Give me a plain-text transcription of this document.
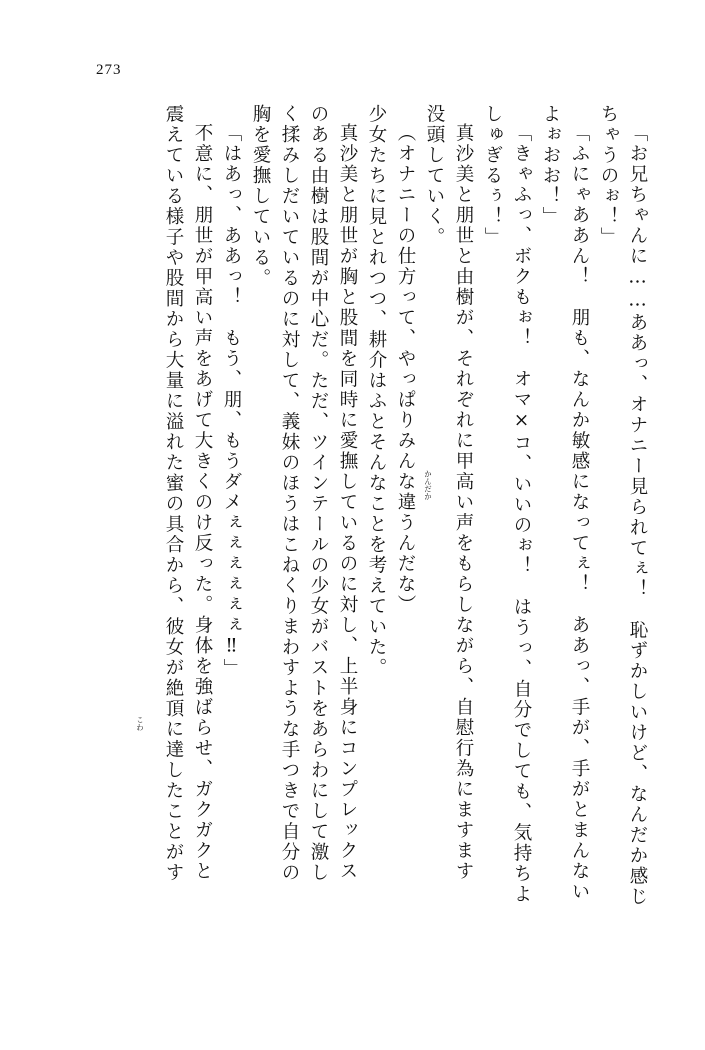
273
「お兄ちゃんに……ああっ、オナニー見られてぇ！　恥ずかしいけど、なんだか感じ
ちゃうのぉ！」
「ふにゃああん！　朋も、なんか敏感になってぇ！　ああっ、手が、手がとまんない
よぉおお！」
「きゃふっ、ボクもぉ！　オマ×コ、いいのぉ！　はうっ、自分でしても、気持ちよ
しゅぎるぅ！」
真沙美と朋世と由樹が、それぞれに甲高い声をもらしながら、自慰行為にますます
没頭していく。
（オナニーの仕方って、やっぱりみんな違うんだな）
少女たちに見とれつつ、耕介はふとそんなことを考えていた。
真沙美と朋世が胸と股間を同時に愛撫しているのに対し、上半身にコンプレックス
のある由樹は股間が中心だ。ただ、ツインテールの少女がバストをあらわにして激し
く揉みしだいているのに対して、義妹のほうはこねくりまわすような手つきで自分の
胸を愛撫している。
「はあっ、ああっ！　もう、朋、もうダメぇぇぇぇぇぇ‼」
不意に、朋世が甲高い声をあげて大きくのけ反った。身体を強ばらせ、ガクガクと
震えている様子や股間から大量に溢れた蜜の具合から、彼女が絶頂に達したことがす	かんだか
こわ
